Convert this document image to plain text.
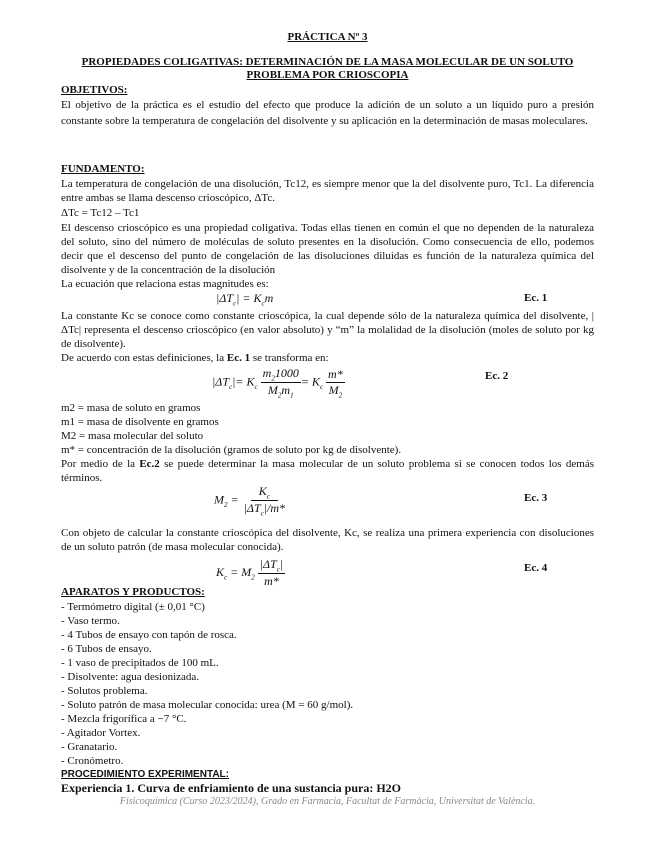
PRÁCTICA Nº 3
PROPIEDADES COLIGATIVAS: DETERMINACIÓN DE LA MASA MOLECULAR DE UN SOLUTO PROBLEMA POR CRIOSCOPIA
OBJETIVOS:
El objetivo de la práctica es el estudio del efecto que produce la adición de un soluto a un líquido puro a presión constante sobre la temperatura de congelación del disolvente y su aplicación en la determinación de masas moleculares.
FUNDAMENTO:
La temperatura de congelación de una disolución, Tc12, es siempre menor que la del disolvente puro, Tc1. La diferencia entre ambas se llama descenso crioscópico, ΔTc.
ΔTc = Tc12 – Tc1
El descenso crioscópico es una propiedad coligativa. Todas ellas tienen en común el que no dependen de la naturaleza del soluto, sino del número de moléculas de soluto presentes en la disolución. Como consecuencia de ello, podemos decir que el descenso del punto de congelación de las disoluciones diluidas es función de la naturaleza química del disolvente y de la concentración de la disolución
La ecuación que relaciona estas magnitudes es:
$|\Delta T_c| = K_cm$	Ec. 1
La constante Kc se conoce como constante crioscópica, la cual depende sólo de la naturaleza química del disolvente, |ΔTc| representa el descenso crioscópico (en valor absoluto) y “m” la molalidad de la disolución (moles de soluto por kg de disolvente).
De acuerdo con estas definiciones, la Ec. 1 se transforma en:
$|\Delta T_c|= K_c \frac{m_21000}{M_2m_1} = K_c \frac{m*}{M_2}$	Ec. 2
m2 = masa de soluto en gramos
m1 = masa de disolvente en gramos
M2 = masa molecular del soluto
m* = concentración de la disolución (gramos de soluto por kg de disolvente).
Por medio de la Ec.2 se puede determinar la masa molecular de un soluto problema si se conocen todos los demás términos.
$M_2 = \frac{K_c}{|\Delta T_c|/m*}$	Ec. 3
Con objeto de calcular la constante crioscópica del disolvente, Kc, se realiza una primera experiencia con disoluciones de un soluto patrón (de masa molecular conocida).
$K_c = M_2 \frac{|\Delta T_c|}{m*}$	Ec. 4
APARATOS Y PRODUCTOS:
- Termómetro digital (± 0,01 °C)
- Vaso termo.
- 4 Tubos de ensayo con tapón de rosca.
- 6 Tubos de ensayo.
- 1 vaso de precipitados de 100 mL.
- Disolvente: agua desionizada.
- Solutos problema.
- Soluto patrón de masa molecular conocida: urea (M = 60 g/mol).
- Mezcla frigorífica a −7 °C.
- Agitador Vortex.
- Granatario.
- Cronómetro.
PROCEDIMIENTO EXPERIMENTAL:
Experiencia 1. Curva de enfriamiento de una sustancia pura: H2O
Fisicoquímica (Curso 2023/2024), Grado en Farmacia, Facultat de Farmàcia, Universitat de València.
